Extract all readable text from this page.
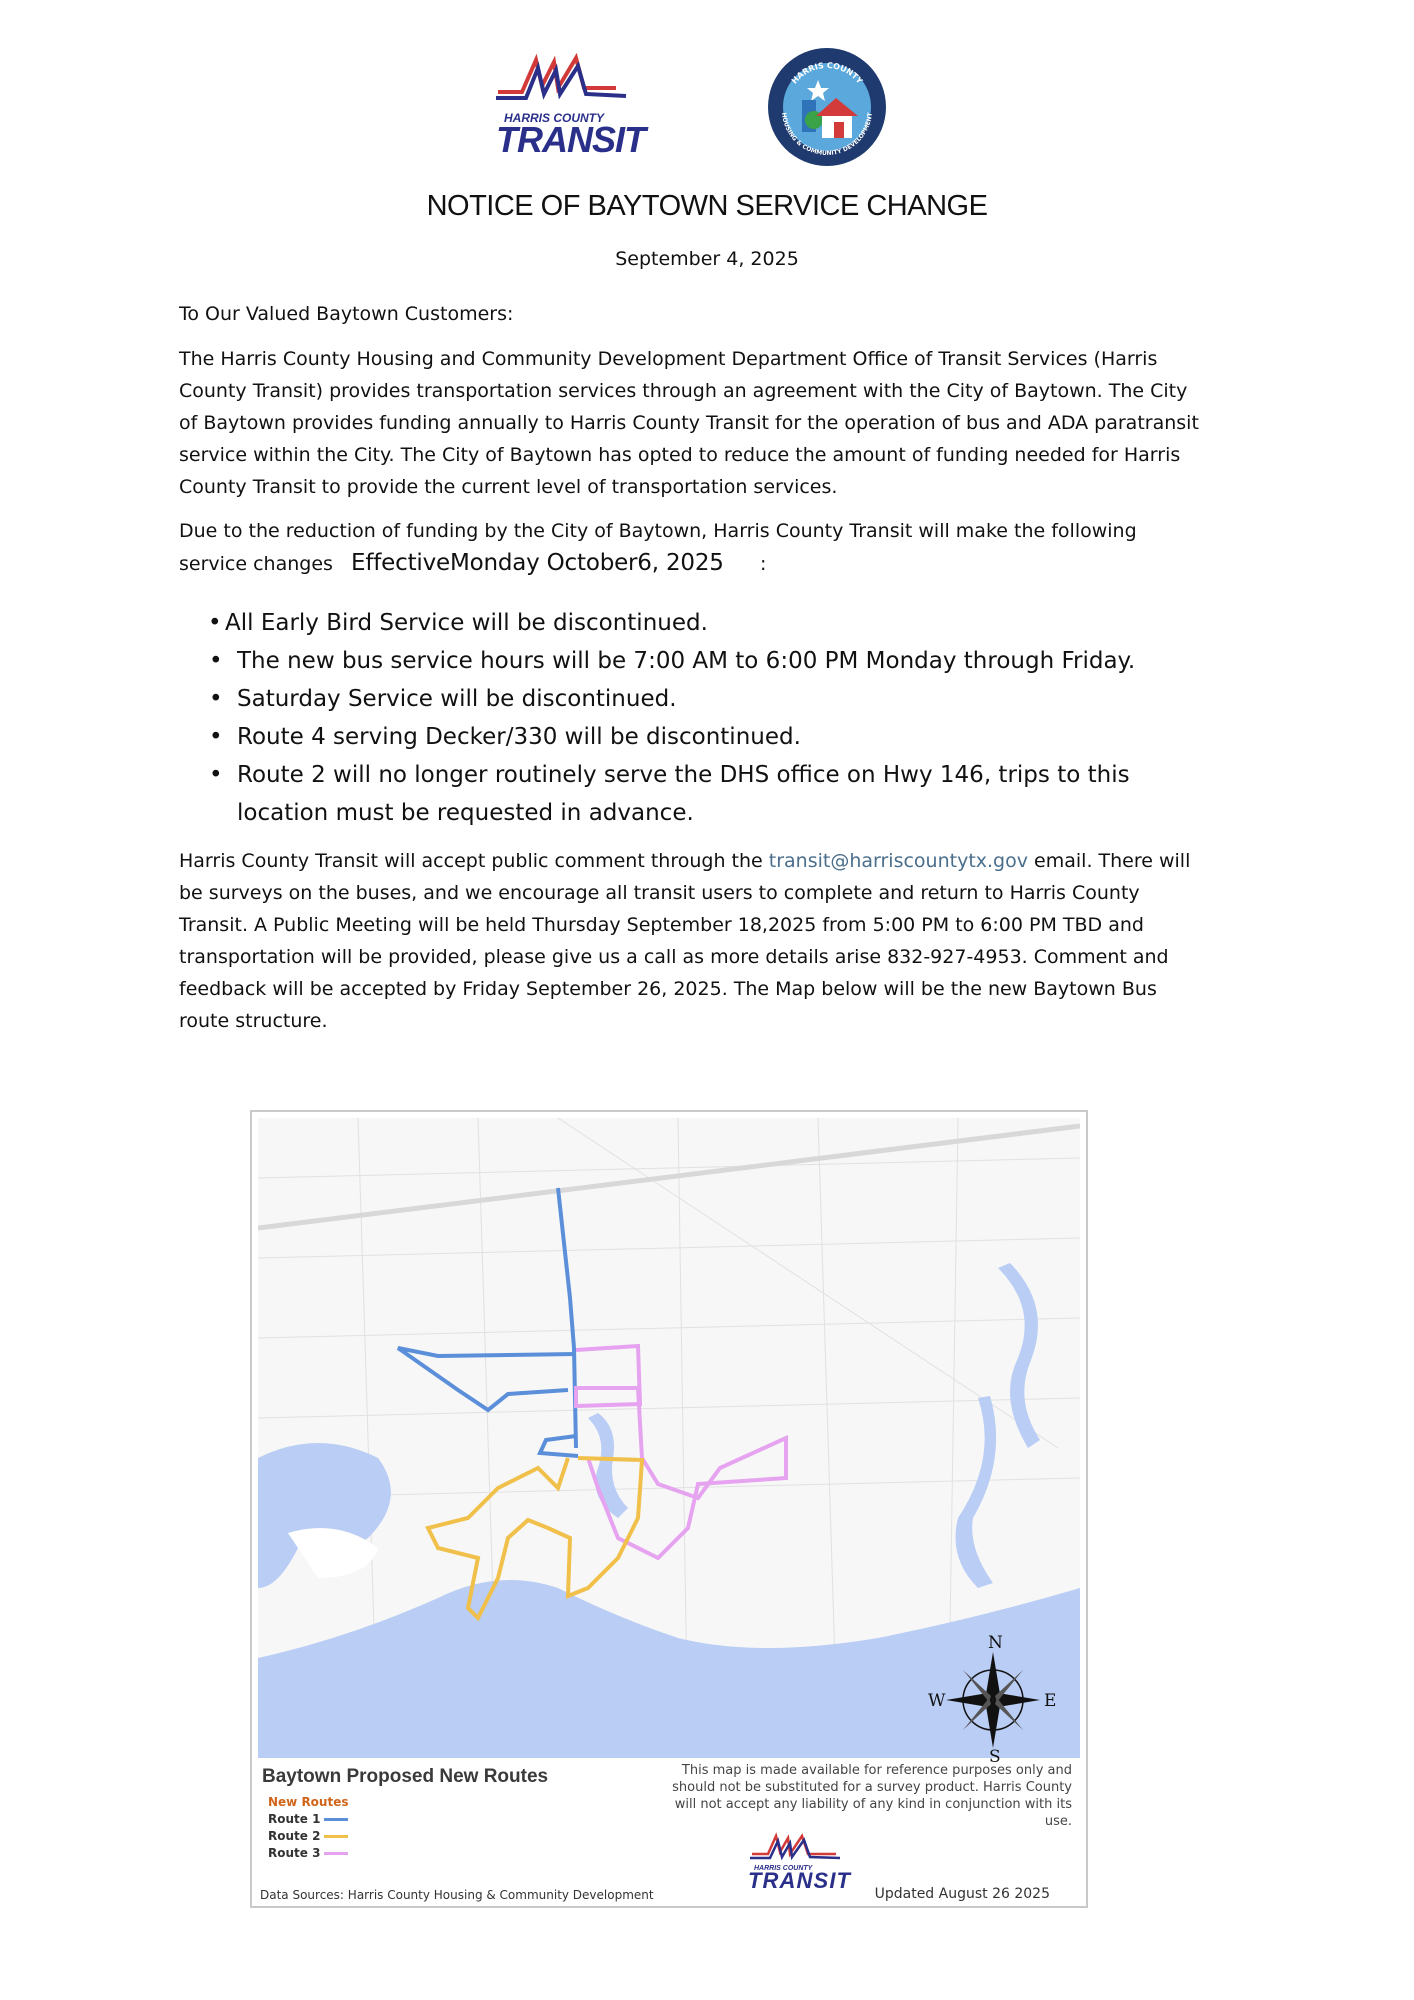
HARRIS COUNTY
TRANSIT
HARRIS COUNTY
HOUSING & COMMUNITY DEVELOPMENT
NOTICE OF BAYTOWN SERVICE CHANGE
September 4, 2025
To Our Valued Baytown Customers:
The Harris County Housing and Community Development Department Office of Transit Services (Harris County Transit) provides transportation services through an agreement with the City of Baytown. The City of Baytown provides funding annually to Harris County Transit for the operation of bus and ADA paratransit service within the City. The City of Baytown has opted to reduce the amount of funding needed for Harris County Transit to provide the current level of transportation services.
Due to the reduction of funding by the City of Baytown, Harris County Transit will make the following
service changes EffectiveMonday October6, 2025 :
• All Early Bird Service will be discontinued.
• The new bus service hours will be 7:00 AM to 6:00 PM Monday through Friday.
• Saturday Service will be discontinued.
• Route 4 serving Decker/330 will be discontinued.
• Route 2 will no longer routinely serve the DHS office on Hwy 146, trips to this location must be requested in advance.
Harris County Transit will accept public comment through the transit@harriscountytx.gov email. There will be surveys on the buses, and we encourage all transit users to complete and return to Harris County Transit. A Public Meeting will be held Thursday September 18,2025 from 5:00 PM to 6:00 PM TBD and transportation will be provided, please give us a call as more details arise 832-927-4953. Comment and feedback will be accepted by Friday September 26, 2025. The Map below will be the new Baytown Bus route structure.
N
S
W	E
Baytown Proposed New Routes
New Routes
Route 1
Route 2
Route 3
This map is made available for reference purposes only and should not be substituted for a survey product. Harris County will not accept any liability of any kind in conjunction with its use.
HARRIS COUNTY
TRANSIT
Data Sources: Harris County Housing & Community Development	Updated August 26 2025
